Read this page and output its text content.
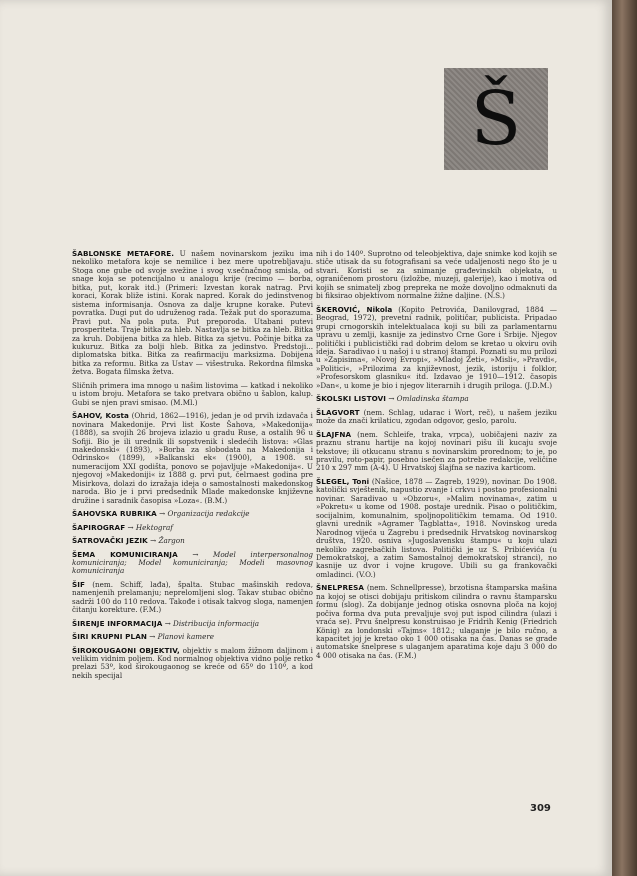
Š

ŠABLONSKE METAFORE. U našem novinarskom jeziku ima nekoliko metafora koje se nemilice i bez mere upotrebljavaju. Stoga one gube od svoje svežine i svog v.sečnačnog smisla, od snage koja se potencijalno u analogu krije (recimo — borba, bitka, put, korak itd.) (Primeri: Izvestan korak natrag. Prvi koraci, Korak bliže istini. Korak napred. Korak do jedinstvenog sistema informisanja. Osnova za dalje krupne korake. Putevi povratka. Dugi put do udruženog rada. Težak put do sporazuma. Pravi put. Na pola puta. Put preporoda. Utabani putevi prosperiteta. Traje bitka za hleb. Nastavlja se bitka za hleb. Bitka za kruh. Dobijena bitka za hleb. Bitka za sjetvu. Počinje bitka za kukuruz. Bitka za bolji hleb. Bitka za jedinstvo. Predstoji... diplomatska bitka. Bitka za reafirmaciju marksizma. Dobijena bitka za reformu. Bitka za Ustav — višestruka. Rekordna filmska žetva. Bogata filmska žetva.

Sličnih primera ima mnogo u našim listovima — katkad i nekoliko u istom broju. Metafora se tako pretvara obično u šablon, kalup. Gubi se njen pravi smisao. (M.Ml.)

ŠAHOV, Kosta (Ohrid, 1862—1916), jedan je od prvih izdavača i novinara Makedonije. Prvi list Koste Šahova, »Makedonija« (1888), sa svojih 26 brojeva izlazio u gradu Ruse, a ostalih 96 u Sofiji. Bio je ili urednik ili sopstvenik i sledećih listova: »Glas makedonski« (1893), »Borba za slobodata na Makedonija i Odrinsko« (1899), »Balkanski ek« (1900), a 1908. su numeracijom XXI godišta, ponovo se pojavljuje »Makedonija«. U njegovoj »Makedoniji« iz 1888 g. prvi put, čelrnaest godina pre Misirkova, dolazi do izražaja ideja o samostalnosti makedonskog naroda. Bio je i prvi predsednik Mlade makedonske književne družine i saradnik časopisa »Loza«. (B.M.)

ŠAHOVSKA RUBRIKA → Organizacija redakcije

ŠAPIROGRAF → Hektograf

ŠATROVAČKI JEZIK → Žargon

ŠEMA KOMUNICIRANJA → Model interpersonalnog komuniciranja; Model komuniciranja; Modeli masovnog komuniciranja

ŠIF (nem. Schiff, lađa), špalta. Stubac mašinskih redova, namenjenih prelamanju; neprelomljeni slog. Takav stubac obično sadrži 100 do 110 redova. Takođe i otisak takvog sloga, namenjen čitanju korekture. (F.M.)

ŠIRENJE INFORMACIJA → Distribucija informacija

ŠIRI KRUPNI PLAN → Planovi kamere

ŠIROKOUGAONI OBJEKTIV, objektiv s malom žižnom daljinom i velikim vidnim poljem. Kod normalnog objektiva vidno polje retko prelazi 53º, kod širokougaonog se kreće od 65º do 110º, a kod nekih specijal

nih i do 140º. Suprotno od teleobjektiva, daje snimke kod kojih se stiče utisak da su fotografisani sa veće udaljenosti nego što je u stvari. Koristi se za snimanje građevinskih objekata, u ograničenom prostoru (izložbe, muzeji, galerije), kao i motiva od kojih se snimatelj zbog prepreka ne može dovoljno odmaknuti da bi fiksirao objektivom normalne žižne daljine. (N.S.)

ŠKEROVIĆ, Nikola (Kopito Petrovića, Danilovgrad, 1884 — Beograd, 1972), prevetni radnik, političar, publicista. Pripadao grupi crnogorskih intelektualaca koji su bili za parlamentarnu upravu u zemlji, kasnije za jedinstvo Crne Gore i Srbije. Njegov politički i publicistički rad dobrim delom se kretao u okviru ovih ideja. Saradivao i u našoj i u stranoj štampi. Poznati su mu prilozi u »Zapisima«, »Novoj Evropi«, »Mladoj Zeti«, »Misli«, »Pravdi«, »Politici«, »Prilozima za književnost, jezik, istoriju i folklor, »Profesorskom glasniku« itd. Izdavao je 1910—1912. časopis »Dan«, u kome je bio i njegov literarnih i drugih priloga. (J.D.M.)

ŠKOLSKI LISTOVI → Omladinska štampa

ŠLAGVORT (nem. Schlag, udarac i Wort, reč), u našem jeziku može da znači krilaticu, zgodan odgovor, geslo, parolu.

ŠLAJFNA (nem. Schleife, traka, vrpca), uobičajeni naziv za praznu stranu hartije na kojoj novinari pišu ili kucaju svoje tekstove; ili otkucanu stranu s novinarskim prorednom; to je, po pravilu, roto-papir, posebno isečen za potrebe redakcije, veličine 210 x 297 mm (A-4). U Hrvatskoj šlajfna se naziva karticom.

ŠLEGEL, Toni (Našice, 1878 — Zagreb, 1929), novinar. Do 1908. katolički svještenik, napustio zvanje i crkvu i postao profesionalni novinar. Saradivao u »Obzoru«, »Malim novinama«, zatim u »Pokretu« u kome od 1908. postaje urednik. Pisao o političkim, socijalnim, komunalnim, spoljnopolitičkim temama. Od 1910. glavni urednik »Agramer Tagblatta«, 1918. Novinskog ureda Narodnog vijeća u Zagrebu i predsednik Hrvatskog novinarskog društva, 1920. osniva »Jugoslavensku štampu« u koju ulazi nekoliko zagrebačkih listova. Politički je uz S. Pribićevića (u Demokratskoj, a zatim Samostalnoj demokratskoj stranci), no kasnije uz dvor i vojne krugove. Ubili su ga frankovački omladinci. (V.O.)

ŠNELPRESA (nem. Schnellpresse), brzotisna štamparska mašina na kojoj se otisci dobijaju pritiskom cilindra o ravnu štamparsku formu (slog). Za dobijanje jednog otiska osnovna ploča na kojoj počiva forma dva puta prevaljuje svoj put ispod cilindra (ulazi i vraća se). Prvu šnelpresu konstruisao je Fridrih Kenig (Friedrich König) za londonski »Tajms« 1812.; ulaganje je bilo ručno, a kapacitet joj je kretao oko 1 000 otisaka na čas. Danas se grade automatske šnelprese s ulaganjem aparatima koje daju 3 000 do 4 000 otisaka na čas. (F.M.)

309
